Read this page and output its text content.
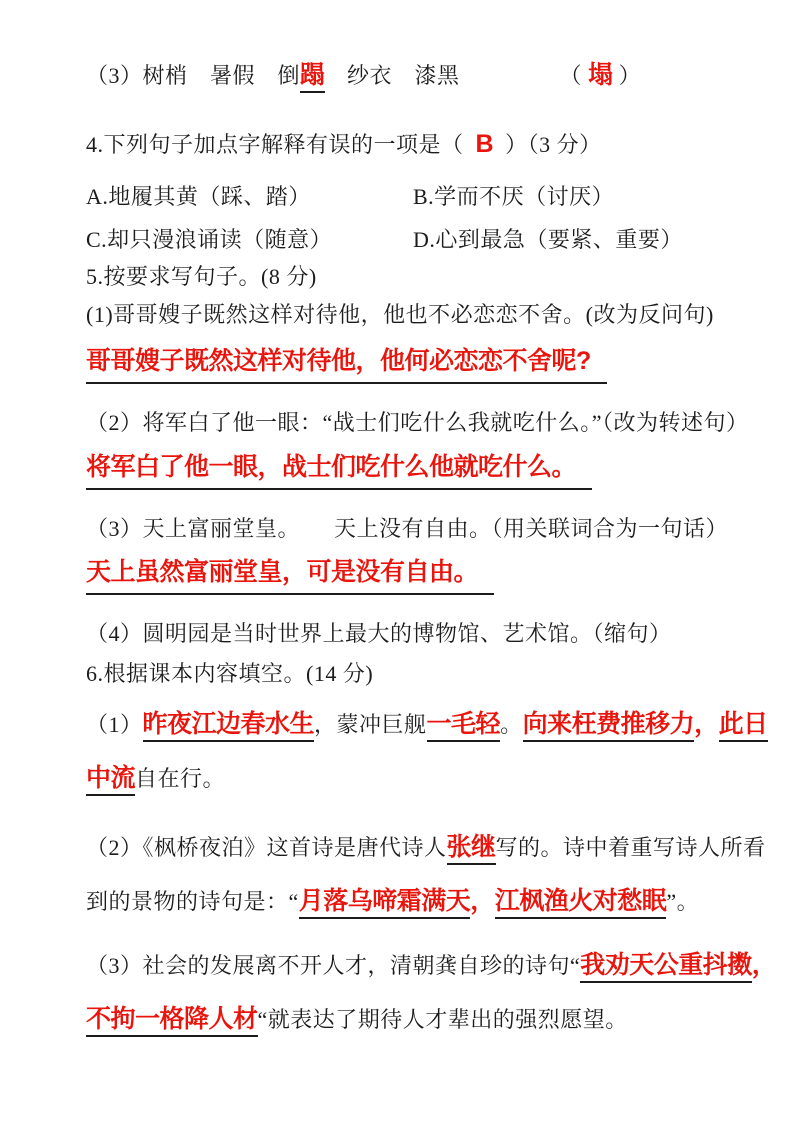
（3）树梢　暑假　倒蹋　纱衣　漆黑	（ 塌 ）
4.下列句子加点字解释有误的一项是（ B ）（3 分）
A.地履其黄（踩、踏）	B.学而不厌（讨厌）
C.却只漫浪诵读（随意）	D.心到最急（要紧、重要）
5.按要求写句子。(8 分)
(1)哥哥嫂子既然这样对待他，他也不必恋恋不舍。(改为反问句)
哥哥嫂子既然这样对待他，他何必恋恋不舍呢?
（2）将军白了他一眼：“战士们吃什么我就吃什么。”（改为转述句）
将军白了他一眼，战士们吃什么他就吃什么。
（3）天上富丽堂皇。　　天上没有自由。（用关联词合为一句话）
天上虽然富丽堂皇，可是没有自由。
（4）圆明园是当时世界上最大的博物馆、艺术馆。（缩句）
6.根据课本内容填空。(14 分)
（1）昨夜江边春水生，蒙冲巨舰一毛轻。向来枉费推移力，此日
中流自在行。
（2）《枫桥夜泊》这首诗是唐代诗人张继写的。诗中着重写诗人所看
到的景物的诗句是：“月落乌啼霜满天，江枫渔火对愁眠”。
（3）社会的发展离不开人才，清朝龚自珍的诗句“我劝天公重抖擞，
不拘一格降人材“就表达了期待人才辈出的强烈愿望。
